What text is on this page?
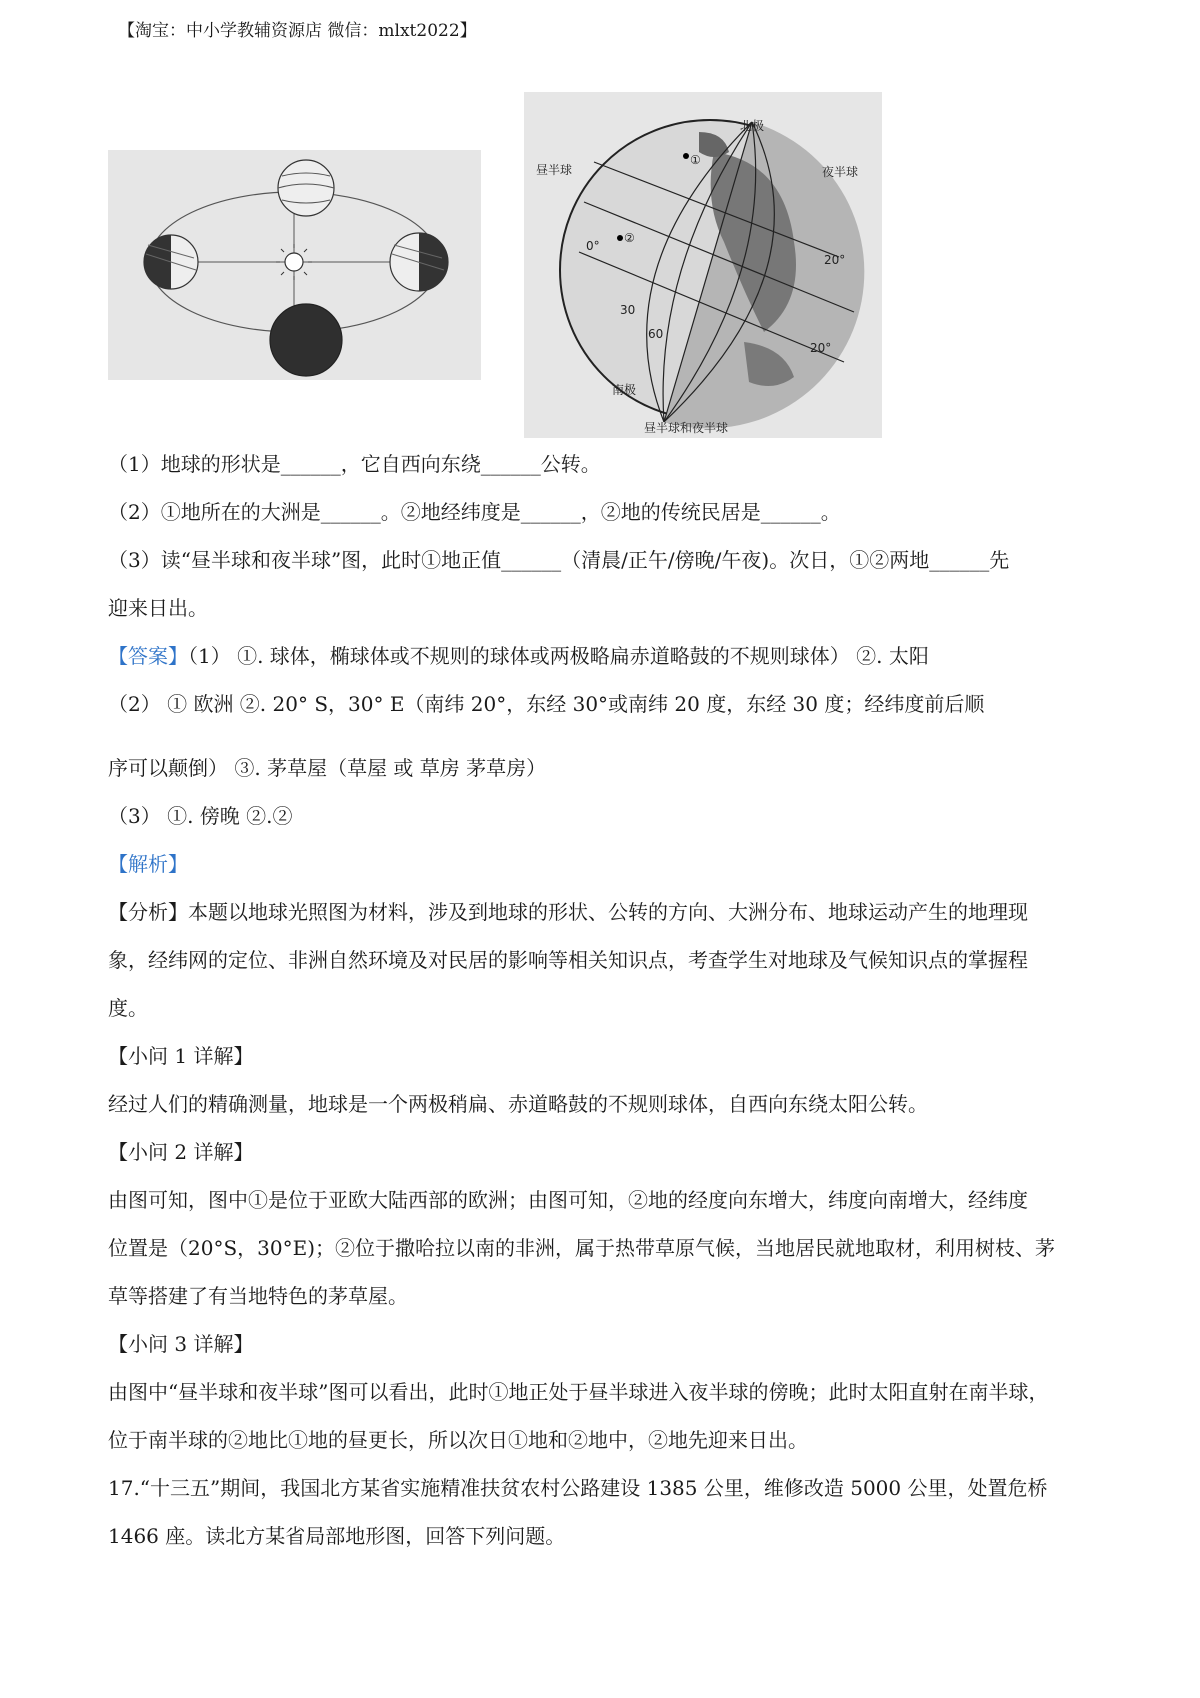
【淘宝：中小学教辅资源店 微信：mlxt2022】
①
②
北极
南极
昼半球	夜半球
0°
30
60
20°
20°
昼半球和夜半球
（1）地球的形状是______，它自西向东绕______公转。
（2）①地所在的大洲是______。②地经纬度是______，②地的传统民居是______。
（3）读“昼半球和夜半球”图，此时①地正值______（清晨/正午/傍晚/午夜)。次日，①②两地______先
迎来日出。
【答案】（1） ①. 球体，椭球体或不规则的球体或两极略扁赤道略鼓的不规则球体） ②. 太阳
（2） ① 欧洲 ②. 20° S，30° E（南纬 20°，东经 30°或南纬 20 度，东经 30 度；经纬度前后顺
序可以颠倒） ③. 茅草屋（草屋 或 草房 茅草房）
（3） ①. 傍晚 ②.②
【解析】
【分析】本题以地球光照图为材料，涉及到地球的形状、公转的方向、大洲分布、地球运动产生的地理现
象，经纬网的定位、非洲自然环境及对民居的影响等相关知识点，考查学生对地球及气候知识点的掌握程
度。
【小问 1 详解】
经过人们的精确测量，地球是一个两极稍扁、赤道略鼓的不规则球体，自西向东绕太阳公转。
【小问 2 详解】
由图可知，图中①是位于亚欧大陆西部的欧洲；由图可知，②地的经度向东增大，纬度向南增大，经纬度
位置是（20°S，30°E)；②位于撒哈拉以南的非洲，属于热带草原气候，当地居民就地取材，利用树枝、茅
草等搭建了有当地特色的茅草屋。
【小问 3 详解】
由图中“昼半球和夜半球”图可以看出，此时①地正处于昼半球进入夜半球的傍晚；此时太阳直射在南半球，
位于南半球的②地比①地的昼更长，所以次日①地和②地中，②地先迎来日出。
17.“十三五”期间，我国北方某省实施精准扶贫农村公路建设 1385 公里，维修改造 5000 公里，处置危桥
1466 座。读北方某省局部地形图，回答下列问题。
